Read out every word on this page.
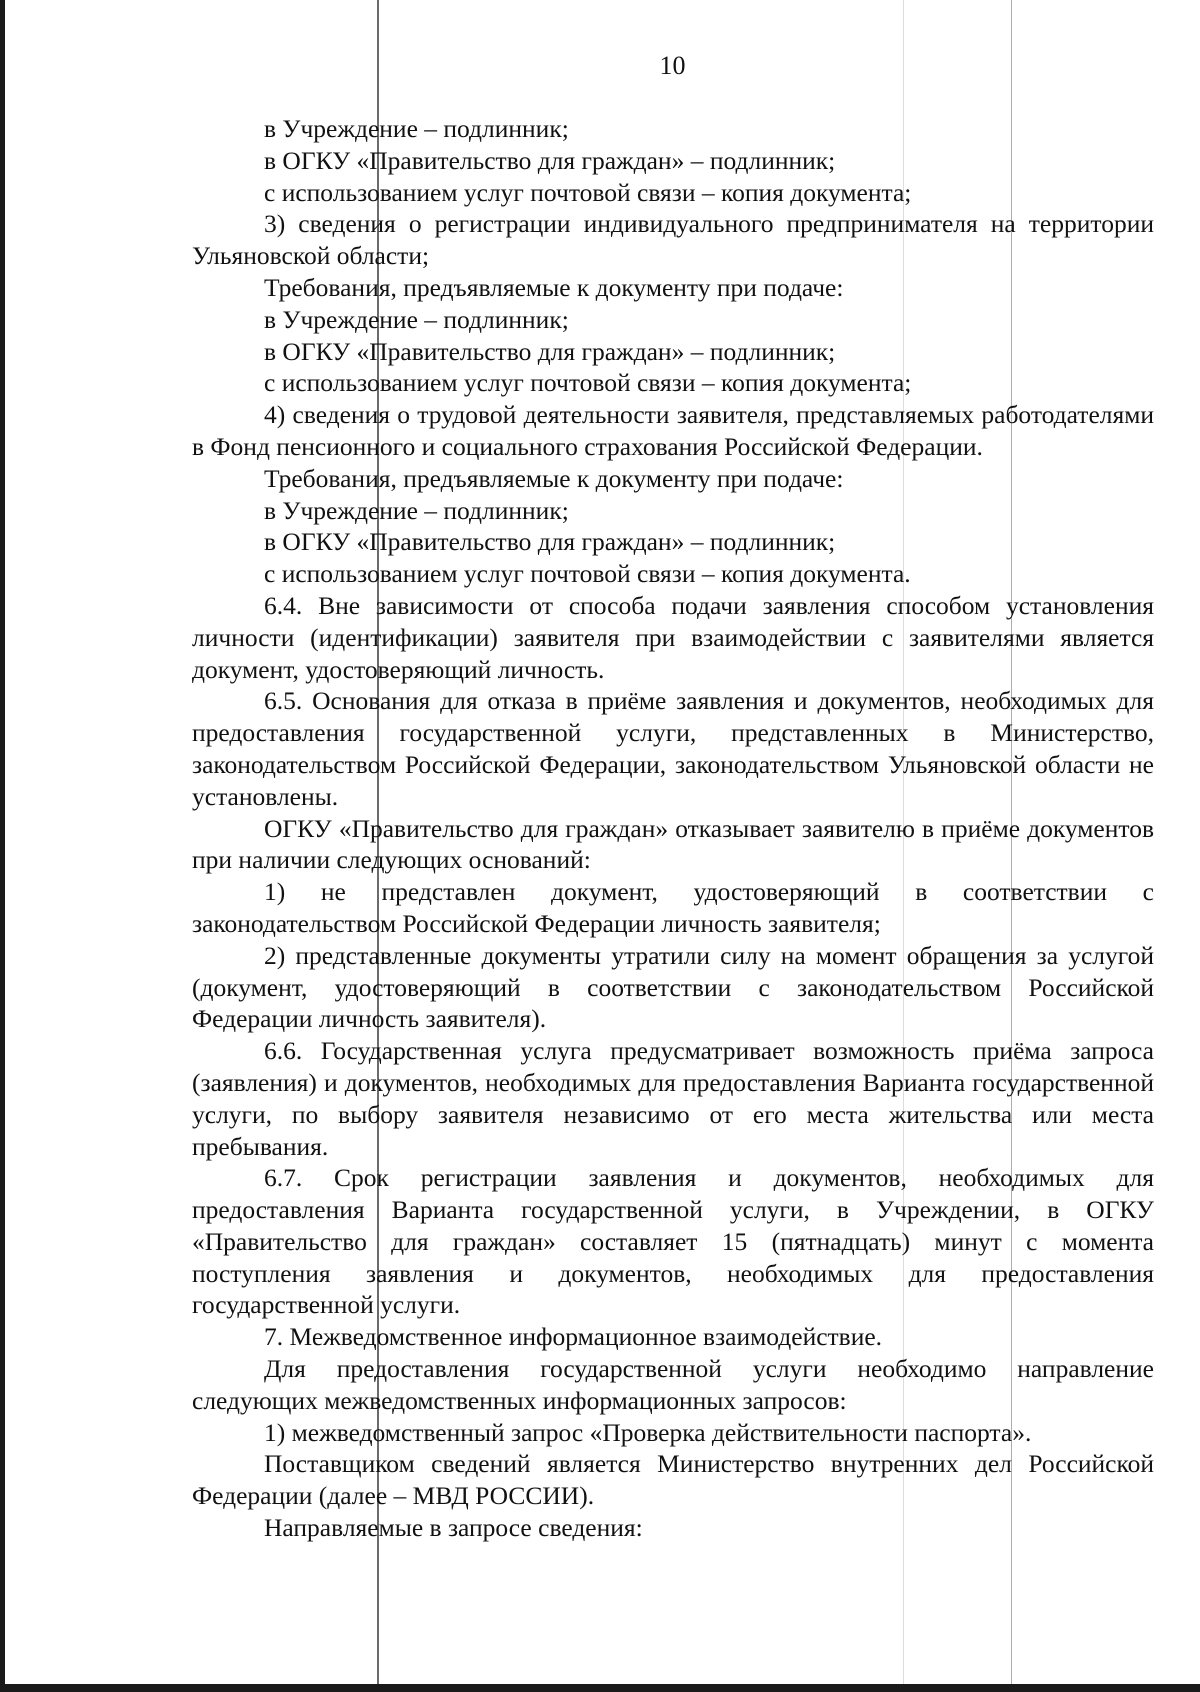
10

в Учреждение – подлинник;

в ОГКУ «Правительство для граждан» – подлинник;

с использованием услуг почтовой связи – копия документа;

3) сведения о регистрации индивидуального предпринимателя на территории Ульяновской области;

Требования, предъявляемые к документу при подаче:

в Учреждение – подлинник;

в ОГКУ «Правительство для граждан» – подлинник;

с использованием услуг почтовой связи – копия документа;

4) сведения о трудовой деятельности заявителя, представляемых работодателями в Фонд пенсионного и социального страхования Российской Федерации.

Требования, предъявляемые к документу при подаче:

в Учреждение – подлинник;

в ОГКУ «Правительство для граждан» – подлинник;

с использованием услуг почтовой связи – копия документа.

6.4. Вне зависимости от способа подачи заявления способом установления личности (идентификации) заявителя при взаимодействии с заявителями является документ, удостоверяющий личность.

6.5. Основания для отказа в приёме заявления и документов, необходимых для предоставления государственной услуги, представленных в Министерство, законодательством Российской Федерации, законодательством Ульяновской области не установлены.

ОГКУ «Правительство для граждан» отказывает заявителю в приёме документов при наличии следующих оснований:

1) не представлен документ, удостоверяющий в соответствии с законодательством Российской Федерации личность заявителя;

2) представленные документы утратили силу на момент обращения за услугой (документ, удостоверяющий в соответствии с законодательством Российской Федерации личность заявителя).

6.6. Государственная услуга предусматривает возможность приёма запроса (заявления) и документов, необходимых для предоставления Варианта государственной услуги, по выбору заявителя независимо от его места жительства или места пребывания.

6.7. Срок регистрации заявления и документов, необходимых для предоставления Варианта государственной услуги, в Учреждении, в ОГКУ «Правительство для граждан» составляет 15 (пятнадцать) минут с момента поступления заявления и документов, необходимых для предоставления государственной услуги.

7. Межведомственное информационное взаимодействие.

Для предоставления государственной услуги необходимо направление следующих межведомственных информационных запросов:

1) межведомственный запрос «Проверка действительности паспорта».

Поставщиком сведений является Министерство внутренних дел Российской Федерации (далее – МВД РОССИИ).

Направляемые в запросе сведения:
